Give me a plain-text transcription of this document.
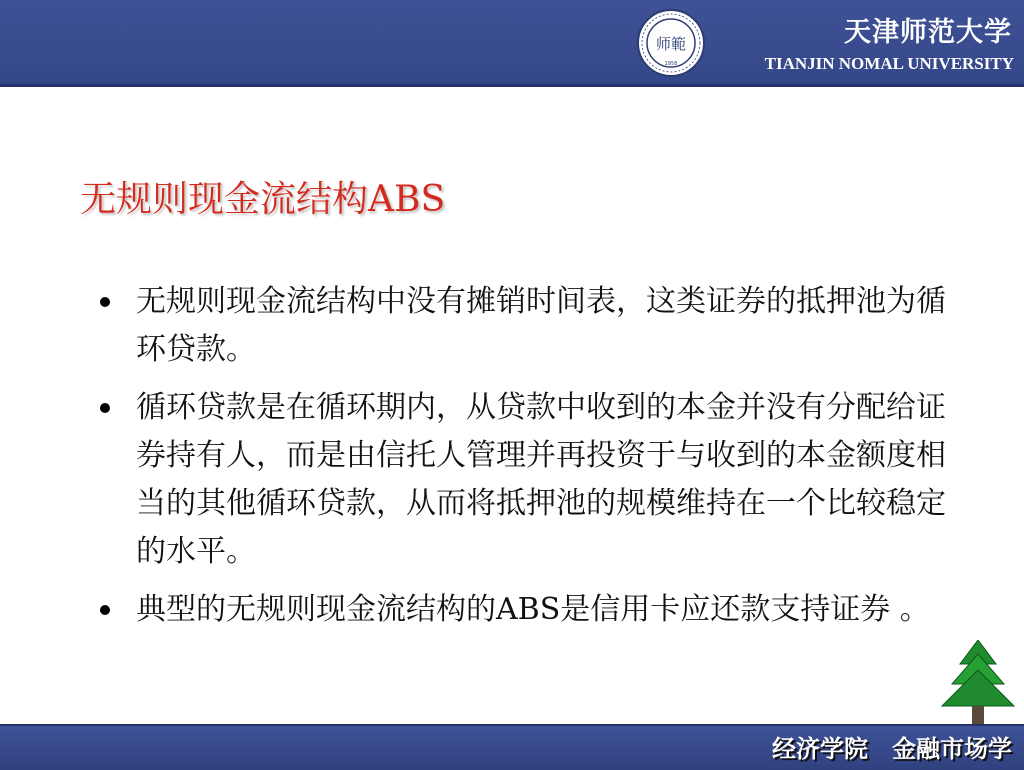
师範
1958
天津师范大学
TIANJIN NOMAL UNIVERSITY
无规则现金流结构ABS
无规则现金流结构中没有摊销时间表，这类证券的抵押池为循环贷款。
循环贷款是在循环期内，从贷款中收到的本金并没有分配给证券持有人，而是由信托人管理并再投资于与收到的本金额度相当的其他循环贷款，从而将抵押池的规模维持在一个比较稳定的水平。
典型的无规则现金流结构的ABS是信用卡应还款支持证券 。
经济学院 金融市场学
